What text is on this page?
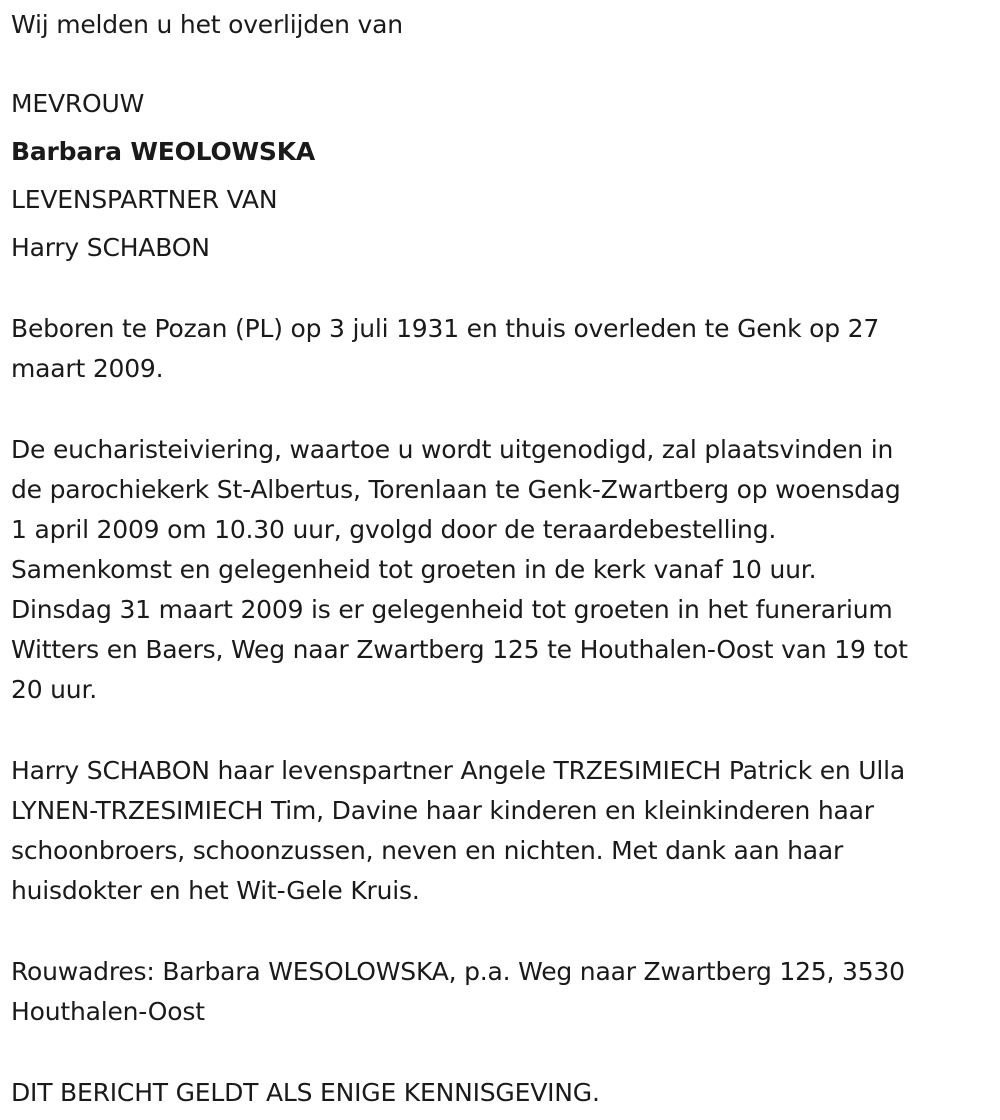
Wij melden u het overlijden van
MEVROUW
Barbara WEOLOWSKA
LEVENSPARTNER VAN
Harry SCHABON
Beboren te Pozan (PL) op 3 juli 1931 en thuis overleden te Genk op 27
maart 2009.
De eucharisteiviering, waartoe u wordt uitgenodigd, zal plaatsvinden in
de parochiekerk St-Albertus, Torenlaan te Genk-Zwartberg op woensdag
1 april 2009 om 10.30 uur, gvolgd door de teraardebestelling.
Samenkomst en gelegenheid tot groeten in de kerk vanaf 10 uur.
Dinsdag 31 maart 2009 is er gelegenheid tot groeten in het funerarium
Witters en Baers, Weg naar Zwartberg 125 te Houthalen-Oost van 19 tot
20 uur.
Harry SCHABON haar levenspartner Angele TRZESIMIECH Patrick en Ulla
LYNEN-TRZESIMIECH Tim, Davine haar kinderen en kleinkinderen haar
schoonbroers, schoonzussen, neven en nichten. Met dank aan haar
huisdokter en het Wit-Gele Kruis.
Rouwadres: Barbara WESOLOWSKA, p.a. Weg naar Zwartberg 125, 3530
Houthalen-Oost
DIT BERICHT GELDT ALS ENIGE KENNISGEVING.
